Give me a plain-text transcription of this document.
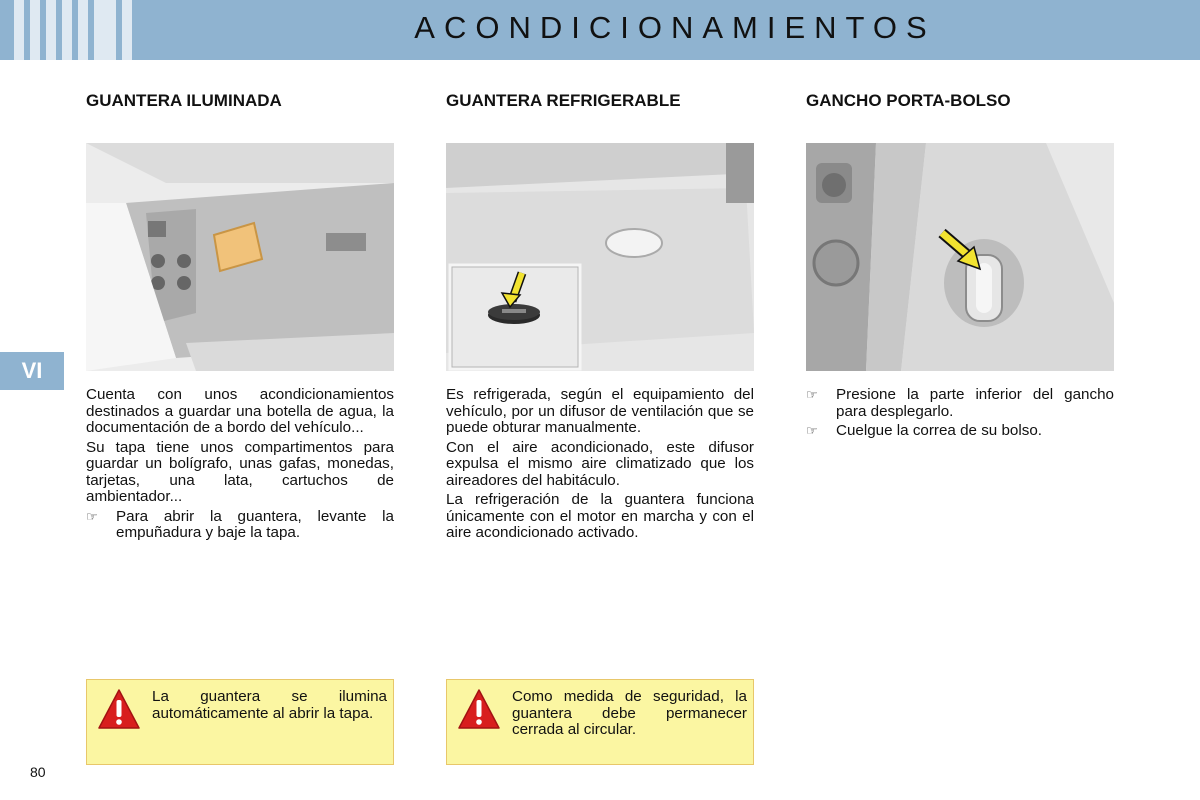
ACONDICIONAMIENTOS
VI
80
GUANTERA ILUMINADA

Cuenta con unos acondicionamientos destinados a guardar una botella de agua, la documentación de a bordo del vehículo...

Su tapa tiene unos compartimentos para guardar un bolígrafo, unas gafas, monedas, tarjetas, una lata, cartuchos de ambientador...

☞	Para abrir la guantera, levante la empuñadura y baje la tapa.
GUANTERA REFRIGERABLE

Es refrigerada, según el equipamiento del vehículo, por un difusor de ventilación que se puede obturar manualmente.

Con el aire acondicionado, este difusor expulsa el mismo aire climatizado que los aireadores del habitáculo.

La refrigeración de la guantera funciona únicamente con el motor en marcha y con el aire acondicionado activado.

GANCHO PORTA-BOLSO
☞	Presione la parte inferior del gancho para desplegarlo.
☞	Cuelgue la correa de su bolso.
La guantera se ilumina automáticamente al abrir la tapa.
Como medida de seguridad, la guantera debe permanecer cerrada al circular.
